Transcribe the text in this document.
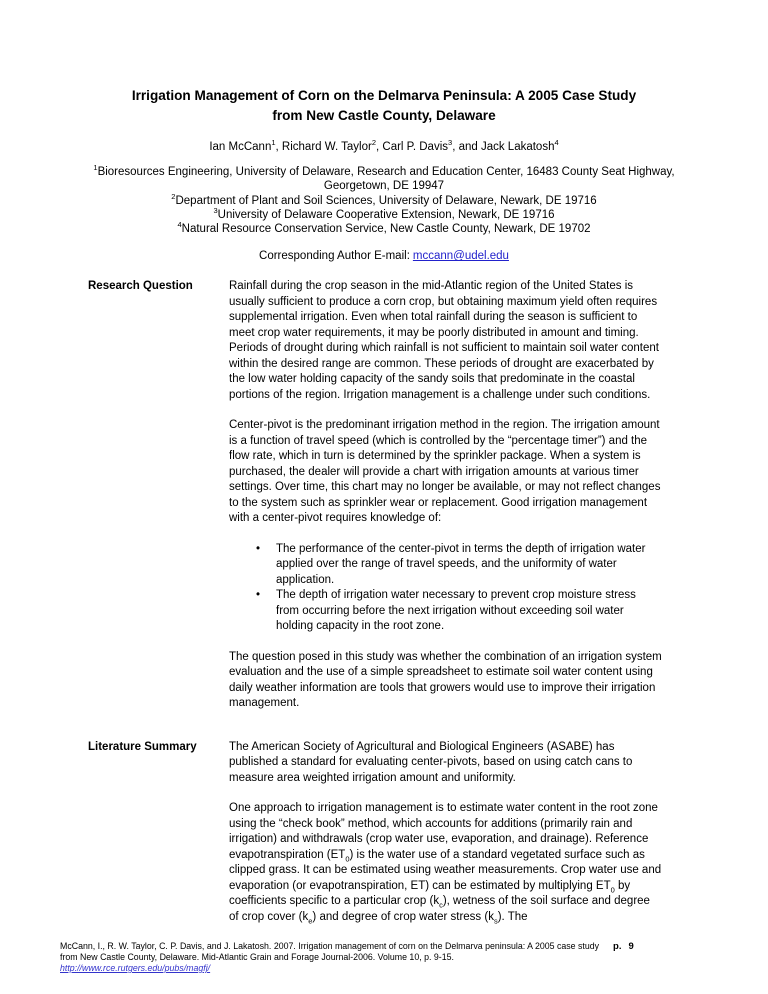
Irrigation Management of Corn on the Delmarva Peninsula: A 2005 Case Study
from New Castle County, Delaware

Ian McCann$^1$, Richard W. Taylor$^2$, Carl P. Davis$^3$, and Jack Lakatosh$^4$

$^1$Bioresources Engineering, University of Delaware, Research and Education Center, 16483 County Seat Highway, Georgetown, DE 19947

$^2$Department of Plant and Soil Sciences, University of Delaware, Newark, DE 19716

$^3$University of Delaware Cooperative Extension, Newark, DE 19716

$^4$Natural Resource Conservation Service, New Castle County, Newark, DE 19702

Corresponding Author E-mail: mccann@udel.edu

Research Question	Rainfall during the crop season in the mid-Atlantic region of the United States is usually sufficient to produce a corn crop, but obtaining maximum yield often requires supplemental irrigation. Even when total rainfall during the season is sufficient to meet crop water requirements, it may be poorly distributed in amount and timing. Periods of drought during which rainfall is not sufficient to maintain soil water content within the desired range are common. These periods of drought are exacerbated by the low water holding capacity of the sandy soils that predominate in the coastal portions of the region. Irrigation management is a challenge under such conditions.

Center-pivot is the predominant irrigation method in the region. The irrigation amount is a function of travel speed (which is controlled by the “percentage timer”) and the flow rate, which in turn is determined by the sprinkler package. When a system is purchased, the dealer will provide a chart with irrigation amounts at various timer settings. Over time, this chart may no longer be available, or may not reflect changes to the system such as sprinkler wear or replacement. Good irrigation management with a center-pivot requires knowledge of:

• The performance of the center-pivot in terms the depth of irrigation water applied over the range of travel speeds, and the uniformity of water application.
• The depth of irrigation water necessary to prevent crop moisture stress from occurring before the next irrigation without exceeding soil water holding capacity in the root zone.

The question posed in this study was whether the combination of an irrigation system evaluation and the use of a simple spreadsheet to estimate soil water content using daily weather information are tools that growers would use to improve their irrigation management.

Literature Summary	The American Society of Agricultural and Biological Engineers (ASABE) has published a standard for evaluating center-pivots, based on using catch cans to measure area weighted irrigation amount and uniformity.

One approach to irrigation management is to estimate water content in the root zone using the “check book” method, which accounts for additions (primarily rain and irrigation) and withdrawals (crop water use, evaporation, and drainage). Reference evapotranspiration $(ET_0)$ is the water use of a standard vegetated surface such as clipped grass. It can be estimated using weather measurements. Crop water use and evaporation (or evapotranspiration, ET) can be estimated by multiplying $ET_0$ by coefficients specific to a particular crop $(k_c)$, wetness of the soil surface and degree of crop cover $(k_e)$ and degree of crop water stress $(k_s)$. The

McCann, I., R. W. Taylor, C. P. Davis, and J. Lakatosh. 2007. Irrigation management of corn on the Delmarva peninsula: A 2005 case study p. 9

from New Castle County, Delaware. Mid-Atlantic Grain and Forage Journal-2006. Volume 10, p. 9-15.

http://www.rce.rutgers.edu/pubs/magfj/
